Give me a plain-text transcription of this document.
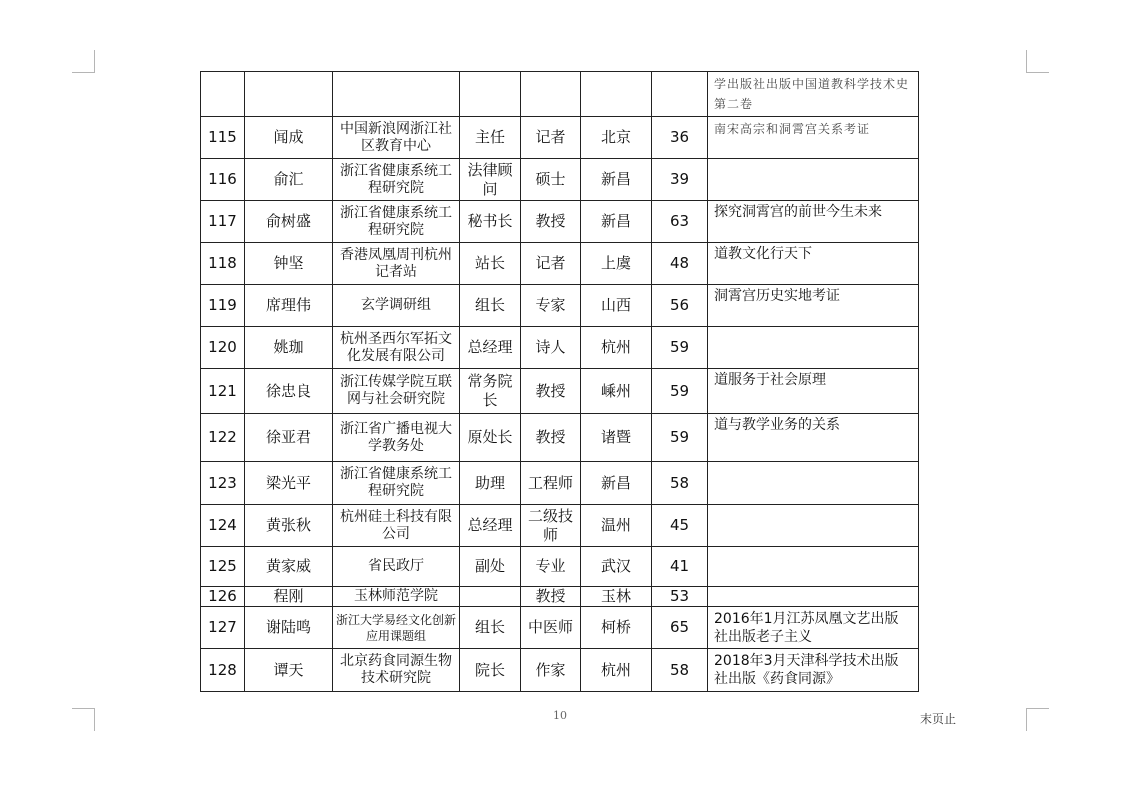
							学出版社出版中国道教科学技术史第二卷
115	闻成	中国新浪网浙江社区教育中心	主任	记者	北京	36	南宋高宗和洞霄宫关系考证
116	俞汇	浙江省健康系统工程研究院	法律顾问	硕士	新昌	39	
117	俞树盛	浙江省健康系统工程研究院	秘书长	教授	新昌	63	探究洞霄宫的前世今生未来
118	钟坚	香港凤凰周刊杭州记者站	站长	记者	上虞	48	道教文化行天下
119	席理伟	玄学调研组	组长	专家	山西	56	洞霄宫历史实地考证
120	姚珈	杭州圣西尔军拓文化发展有限公司	总经理	诗人	杭州	59	
121	徐忠良	浙江传媒学院互联网与社会研究院	常务院长	教授	嵊州	59	道服务于社会原理
122	徐亚君	浙江省广播电视大学教务处	原处长	教授	诸暨	59	道与教学业务的关系
123	梁光平	浙江省健康系统工程研究院	助理	工程师	新昌	58	
124	黄张秋	杭州硅土科技有限公司	总经理	二级技师	温州	45	
125	黄家威	省民政厅	副处	专业	武汉	41	
126	程刚	玉林师范学院		教授	玉林	53	
127	谢陆鸣	浙江大学易经文化创新应用课题组	组长	中医师	柯桥	65	2016年1月江苏凤凰文艺出版社出版老子主义
128	谭天	北京药食同源生物技术研究院	院长	作家	杭州	58	2018年3月天津科学技术出版社出版《药食同源》
10	末页止
